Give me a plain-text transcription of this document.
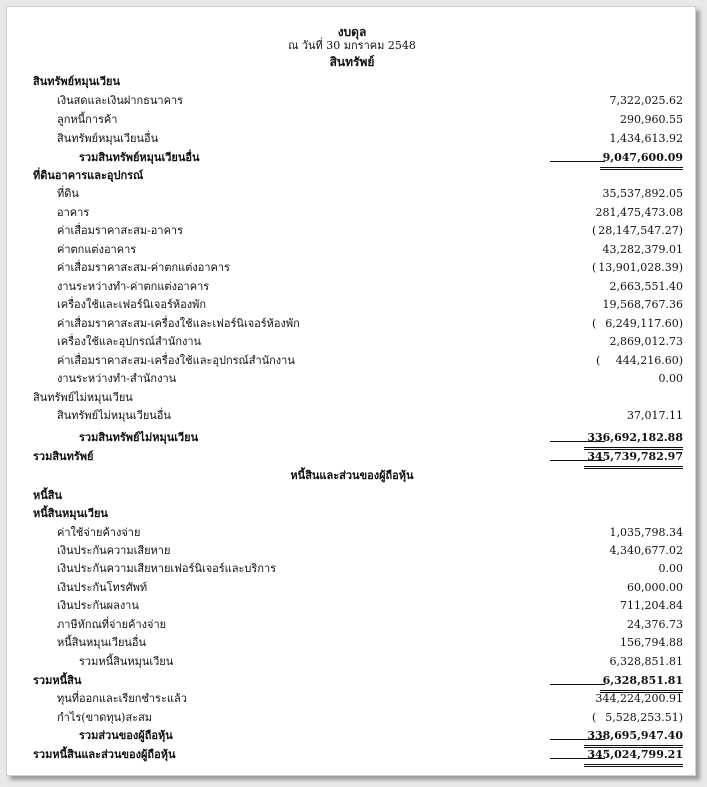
งบดุล
ณ วันที่ 30 มกราคม 2548
สินทรัพย์
สินทรัพย์หมุนเวียน
เงินสดและเงินฝากธนาคาร	7,322,025.62
ลูกหนี้การค้า	290,960.55
สินทรัพย์หมุนเวียนอื่น	1,434,613.92
รวมสินทรัพย์หมุนเวียนอื่น	9,047,600.09
ที่ดินอาคารและอุปกรณ์
ที่ดิน	35,537,892.05
อาคาร	281,475,473.08
ค่าเสื่อมราคาสะสม-อาคาร	( 28,147,547.27)
ค่าตกแต่งอาคาร	43,282,379.01
ค่าเสื่อมราคาสะสม-ค่าตกแต่งอาคาร	( 13,901,028.39)
งานระหว่างทำ-ค่าตกแต่งอาคาร	2,663,551.40
เครื่องใช้และเฟอร์นิเจอร์ห้องพัก	19,568,767.36
ค่าเสื่อมราคาสะสม-เครื่องใช้และเฟอร์นิเจอร์ห้องพัก	( 6,249,117.60)
เครื่องใช้และอุปกรณ์สำนักงาน	2,869,012.73
ค่าเสื่อมราคาสะสม-เครื่องใช้และอุปกรณ์สำนักงาน	( 444,216.60)
งานระหว่างทำ-สำนักงาน	0.00
สินทรัพย์ไม่หมุนเวียน
สินทรัพย์ไม่หมุนเวียนอื่น	37,017.11
รวมสินทรัพย์ไม่หมุนเวียน	336,692,182.88
รวมสินทรัพย์	345,739,782.97
หนี้สินและส่วนของผู้ถือหุ้น
หนี้สิน
หนี้สินหมุนเวียน
ค่าใช้จ่ายค้างจ่าย	1,035,798.34
เงินประกันความเสียหาย	4,340,677.02
เงินประกันความเสียหายเฟอร์นิเจอร์และบริการ	0.00
เงินประกันโทรศัพท์	60,000.00
เงินประกันผลงาน	711,204.84
ภาษีหักณที่จ่ายค้างจ่าย	24,376.73
หนี้สินหมุนเวียนอื่น	156,794.88
รวมหนี้สินหมุนเวียน	6,328,851.81
รวมหนี้สิน	6,328,851.81
ทุนที่ออกและเรียกชำระแล้ว	344,224,200.91
กำไร(ขาดทุน)สะสม	( 5,528,253.51)
รวมส่วนของผู้ถือหุ้น	338,695,947.40
รวมหนี้สินและส่วนของผู้ถือหุ้น	345,024,799.21
